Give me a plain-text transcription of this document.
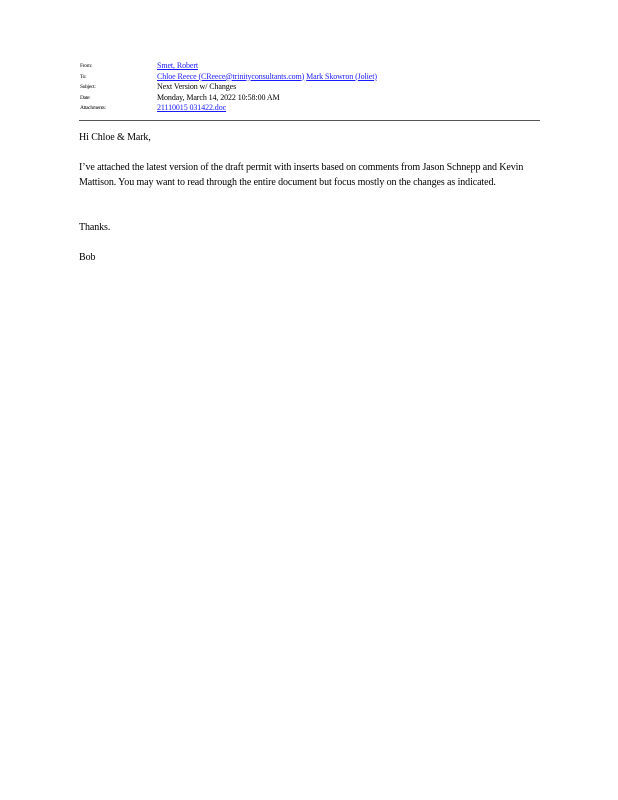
From:	Smet, Robert
To:	Chloe Reece (CReece@trinityconsultants.com) Mark Skowron (Joliet)
Subject:	Next Version w/ Changes
Date:	Monday, March 14, 2022 10:58:00 AM
Attachments:	21110015 031422.doc
Hi Chloe & Mark,
I’ve attached the latest version of the draft permit with inserts based on comments from Jason Schnepp and Kevin Mattison. You may want to read through the entire document but focus mostly on the changes as indicated.
Thanks.
Bob
